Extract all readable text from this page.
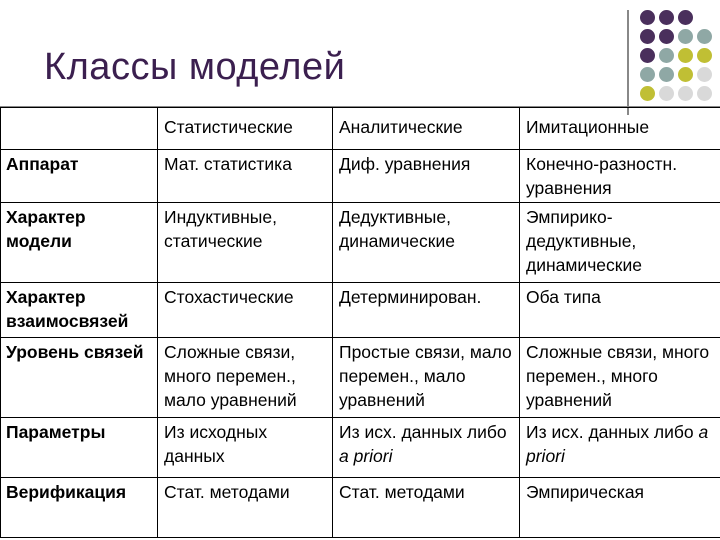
Классы моделей
	Статистические	Аналитические	Имитационные
Аппарат	Мат. статистика	Диф. уравнения	Конечно-разностн. уравнения
Характер модели	Индуктивные, статические	Дедуктивные, динамические	Эмпирико-дедуктивные, динамические
Характер взаимосвязей	Стохастические	Детерминирован.	Оба типа
Уровень связей	Сложные связи, много перемен., мало уравнений	Простые связи, мало перемен., мало уравнений	Сложные связи, много перемен., много уравнений
Параметры	Из исходных данных	Из исх. данных либо a priori	Из исх. данных либо a priori
Верификация	Стат. методами	Стат. методами	Эмпирическая
